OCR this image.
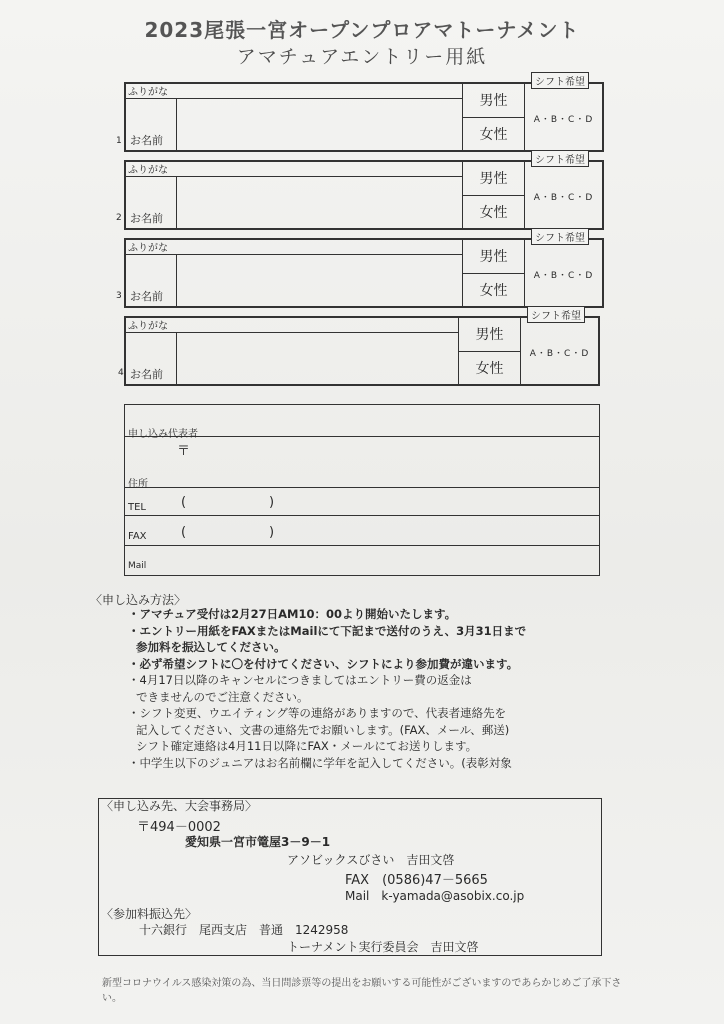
2023尾張一宮オープンプロアマトーナメント
アマチュアエントリー用紙
ふりがな
お名前
男性
女性
シフト希望
A・B・C・D
1
ふりがな
お名前
男性
女性
シフト希望
A・B・C・D
2
ふりがな
お名前
男性
女性
シフト希望
A・B・C・D
3
ふりがな
お名前
男性
女性
シフト希望
A・B・C・D
4
申し込み代表者
〒
住所
TEL	(	)
FAX	(	)
Mail
〈申し込み方法〉

・アマチュア受付は2月27日AM10：00より開始いたします。

・エントリー用紙をFAXまたはMailにて下記まで送付のうえ、3月31日まで

参加料を振込してください。

・必ず希望シフトに〇を付けてください、シフトにより参加費が違います。

・4月17日以降のキャンセルにつきましてはエントリー費の返金は

できませんのでご注意ください。

・シフト変更、ウエイティング等の連絡がありますので、代表者連絡先を

記入してください、文書の連絡先でお願いします。(FAX、メール、郵送)

シフト確定連絡は4月11日以降にFAX・メールにてお送りします。

・中学生以下のジュニアはお名前欄に学年を記入してください。(表彰対象

〈申し込み先、大会事務局〉
〒494－0002
愛知県一宮市篭屋3－9－1
アソビックスびさい　吉田文啓
FAX　(0586)47－5665
Mail　k-yamada@asobix.co.jp
〈参加料振込先〉
十六銀行　尾西支店　普通　1242958
トーナメント実行委員会　吉田文啓
新型コロナウイルス感染対策の為、当日問診票等の提出をお願いする可能性がございますのであらかじめご了承下さい。
